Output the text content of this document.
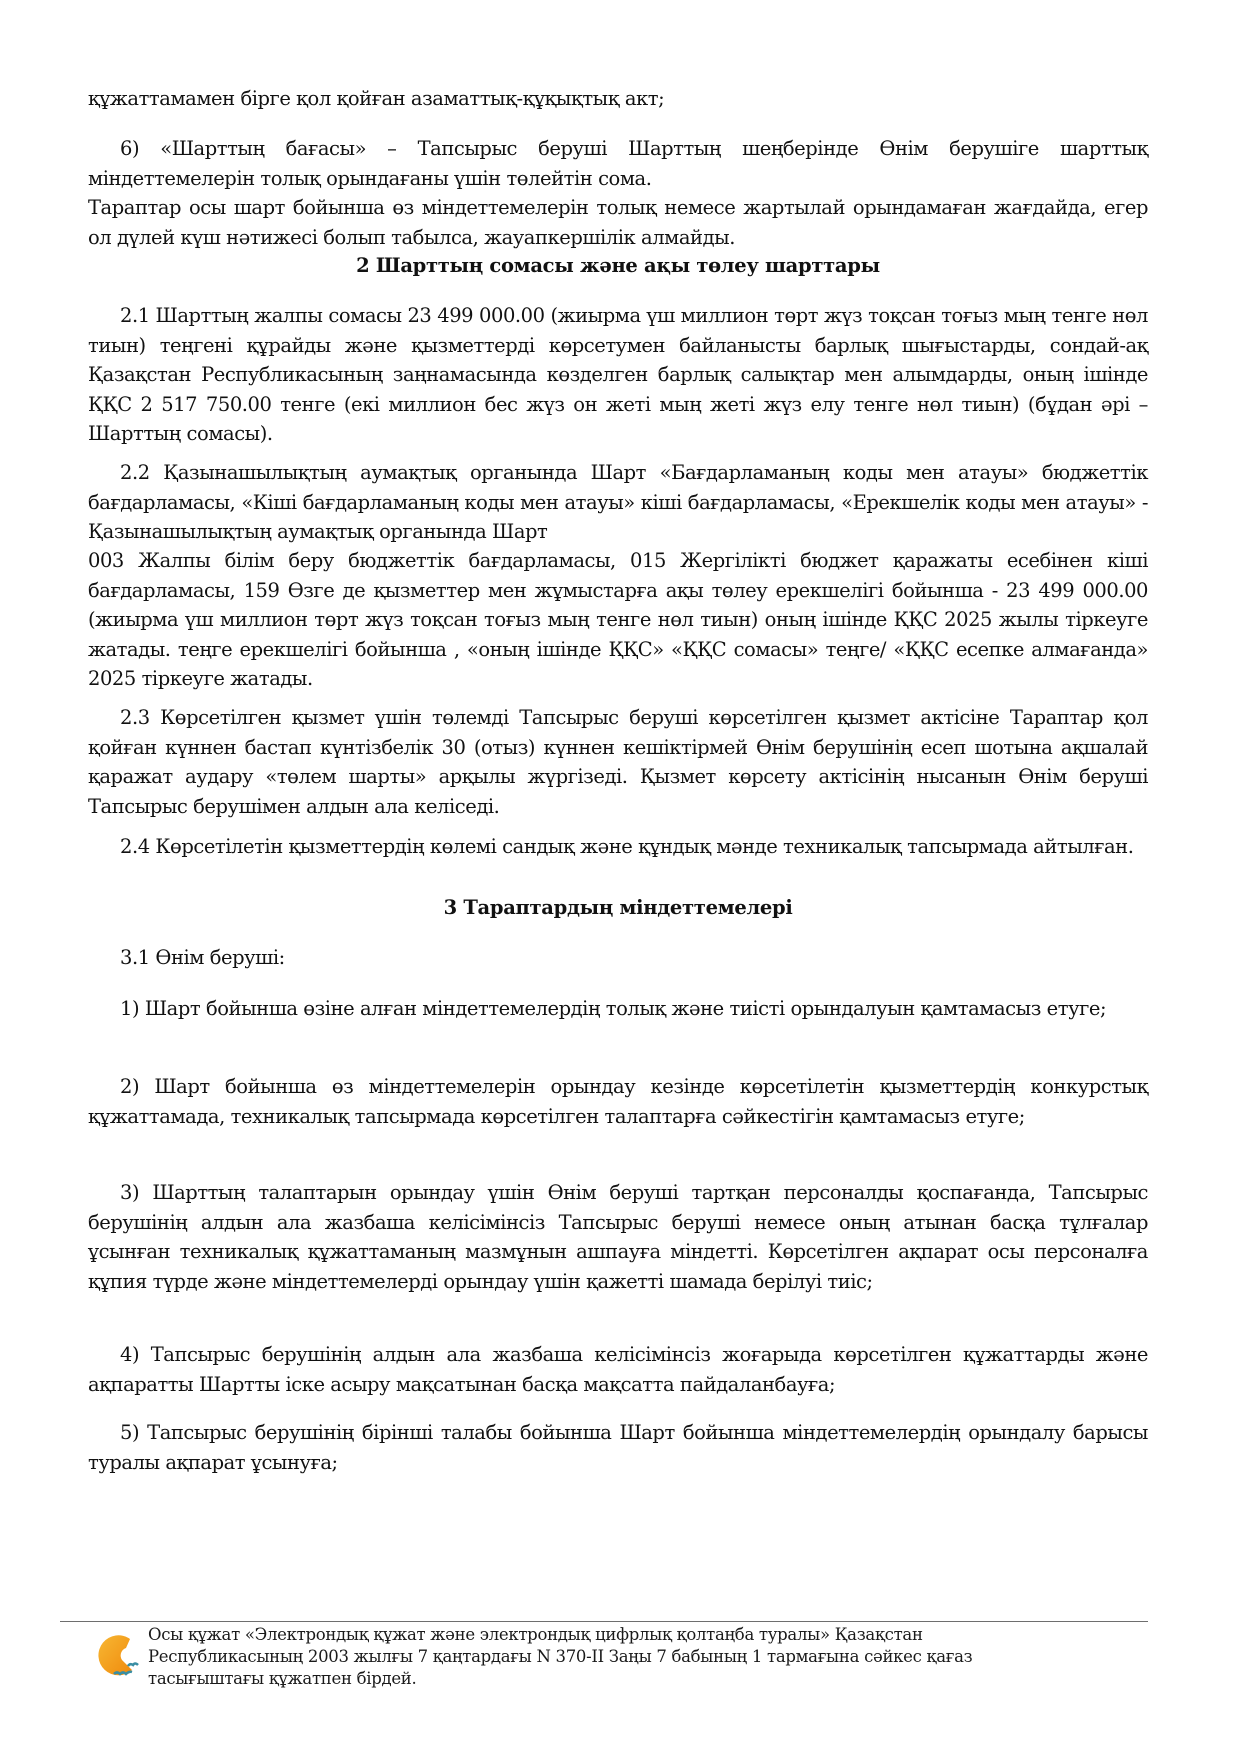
құжаттамамен бірге қол қойған азаматтық-құқықтық акт;

6) «Шарттың бағасы» – Тапсырыс беруші Шарттың шеңберінде Өнім берушіге шарттық міндеттемелерін толық орындағаны үшін төлейтін сома.

Тараптар осы шарт бойынша өз міндеттемелерін толық немесе жартылай орындамаған жағдайда, егер ол дүлей күш нәтижесі болып табылса, жауапкершілік алмайды.

2 Шарттың сомасы және ақы төлеу шарттары

2.1 Шарттың жалпы сомасы 23 499 000.00 (жиырма үш миллион төрт жүз тоқсан тоғыз мың тенге нөл тиын) теңгені құрайды және қызметтерді көрсетумен байланысты барлық шығыстарды, сондай-ақ Қазақстан Республикасының заңнамасында көзделген барлық салықтар мен алымдарды, оның ішінде ҚҚС 2 517 750.00 тенге (екі миллион бес жүз он жеті мың жеті жүз елу тенге нөл тиын) (бұдан әрі – Шарттың сомасы).

2.2 Қазынашылықтың аумақтық органында Шарт «Бағдарламаның коды мен атауы» бюджеттік бағдарламасы, «Кіші бағдарламаның коды мен атауы» кіші бағдарламасы, «Ерекшелік коды мен атауы» - Қазынашылықтың аумақтық органында Шарт

003 Жалпы білім беру бюджеттік бағдарламасы, 015 Жергілікті бюджет қаражаты есебінен кіші бағдарламасы, 159 Өзге де қызметтер мен жұмыстарға ақы төлеу ерекшелігі бойынша - 23 499 000.00 (жиырма үш миллион төрт жүз тоқсан тоғыз мың тенге нөл тиын) оның ішінде ҚҚС 2025 жылы тіркеуге жатады. теңге ерекшелігі бойынша , «оның ішінде ҚҚС» «ҚҚС сомасы» теңге/ «ҚҚС есепке алмағанда» 2025 тіркеуге жатады.

2.3 Көрсетілген қызмет үшін төлемді Тапсырыс беруші көрсетілген қызмет актісіне Тараптар қол қойған күннен бастап күнтізбелік 30 (отыз) күннен кешіктірмей Өнім берушінің есеп шотына ақшалай қаражат аудару «төлем шарты» арқылы жүргізеді. Қызмет көрсету актісінің нысанын Өнім беруші Тапсырыс берушімен алдын ала келіседі.

2.4 Көрсетілетін қызметтердің көлемі сандық және құндық мәнде техникалық тапсырмада айтылған.

3 Тараптардың міндеттемелері

3.1 Өнім беруші:

1) Шарт бойынша өзіне алған міндеттемелердің толық және тиісті орындалуын қамтамасыз етуге;

2) Шарт бойынша өз міндеттемелерін орындау кезінде көрсетілетін қызметтердің конкурстық құжаттамада, техникалық тапсырмада көрсетілген талаптарға сәйкестігін қамтамасыз етуге;

3) Шарттың талаптарын орындау үшін Өнім беруші тартқан персоналды қоспағанда, Тапсырыс берушінің алдын ала жазбаша келісімінсіз Тапсырыс беруші немесе оның атынан басқа тұлғалар ұсынған техникалық құжаттаманың мазмұнын ашпауға міндетті. Көрсетілген ақпарат осы персоналға құпия түрде және міндеттемелерді орындау үшін қажетті шамада берілуі тиіс;

4) Тапсырыс берушінің алдын ала жазбаша келісімінсіз жоғарыда көрсетілген құжаттарды және ақпаратты Шартты іске асыру мақсатынан басқа мақсатта пайдаланбауға;

5) Тапсырыс берушінің бірінші талабы бойынша Шарт бойынша міндеттемелердің орындалу барысы туралы ақпарат ұсынуға;

Осы құжат «Электрондық құжат және электрондық цифрлық қолтаңба туралы» Қазақстан
Республикасының 2003 жылғы 7 қаңтардағы N 370-II Заңы 7 бабының 1 тармағына сәйкес қағаз
тасығыштағы құжатпен бірдей.
